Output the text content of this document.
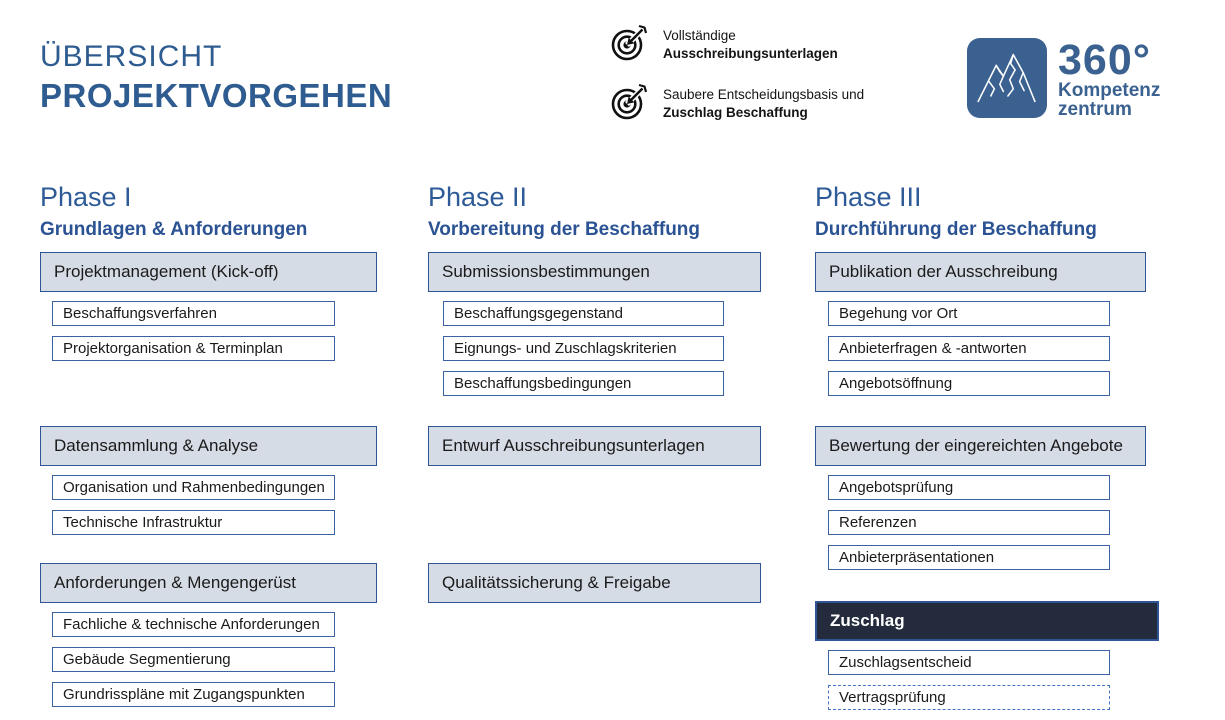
ÜBERSICHT
PROJEKTVORGEHEN
Vollständige
Ausschreibungsunterlagen
Saubere Entscheidungsbasis und
Zuschlag Beschaffung
360°
Kompetenz
zentrum
Phase I
Grundlagen & Anforderungen
Projektmanagement (Kick-off)
Beschaffungsverfahren
Projektorganisation & Terminplan
Datensammlung & Analyse
Organisation und Rahmenbedingungen
Technische Infrastruktur
Anforderungen & Mengengerüst
Fachliche & technische Anforderungen
Gebäude Segmentierung
Grundrisspläne mit Zugangspunkten
Phase II
Vorbereitung der Beschaffung
Submissionsbestimmungen
Beschaffungsgegenstand
Eignungs- und Zuschlagskriterien
Beschaffungsbedingungen
Entwurf Ausschreibungsunterlagen
Qualitätssicherung & Freigabe
Phase III
Durchführung der Beschaffung
Publikation der Ausschreibung
Begehung vor Ort
Anbieterfragen & -antworten
Angebotsöffnung
Bewertung der eingereichten Angebote
Angebotsprüfung
Referenzen
Anbieterpräsentationen
Zuschlag
Zuschlagsentscheid
Vertragsprüfung
